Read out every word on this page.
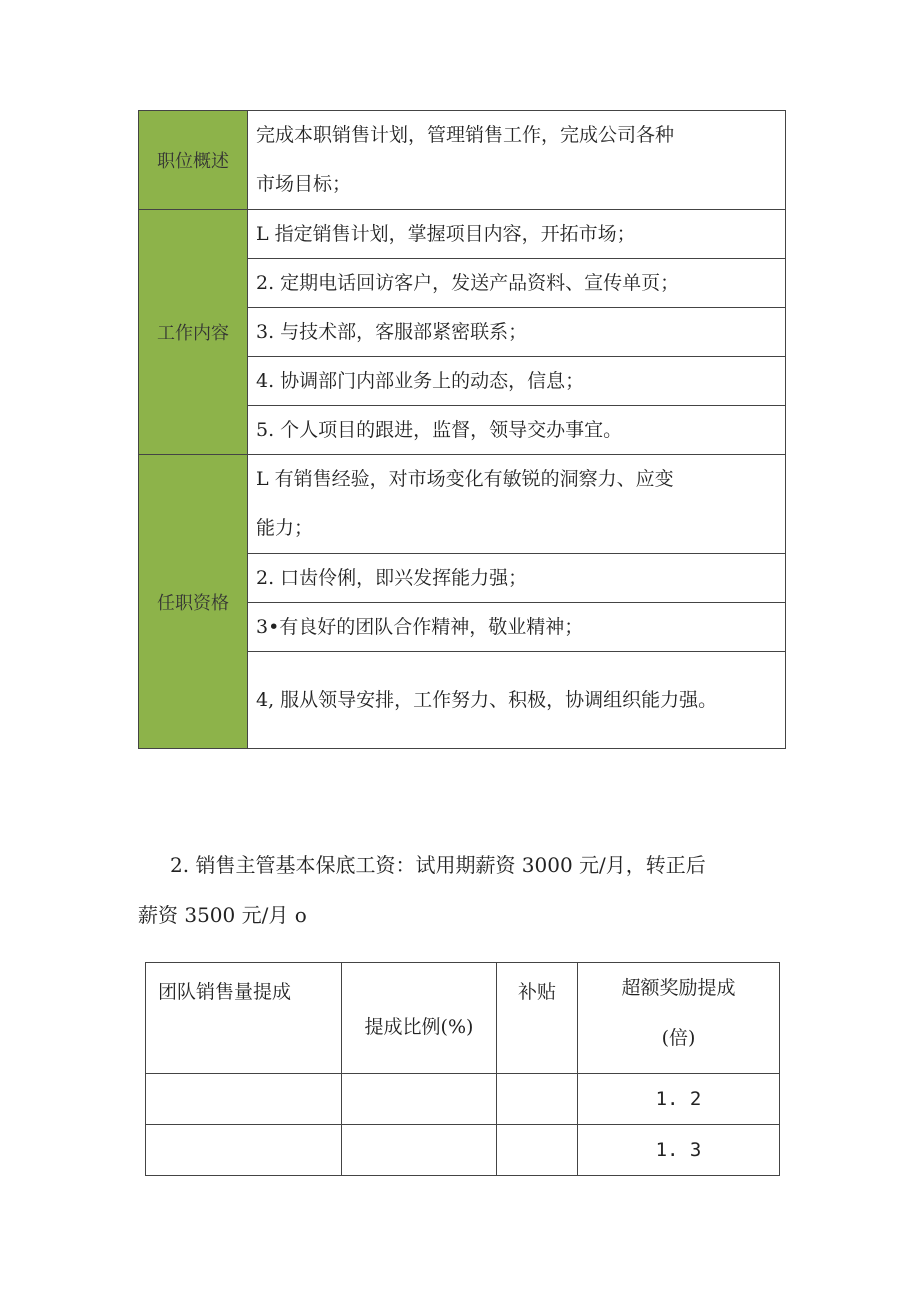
职位概述	完成本职销售计划，管理销售工作，完成公司各种
市场目标；

工作内容	L 指定销售计划，掌握项目内容，开拓市场；
	2. 定期电话回访客户，发送产品资料、宣传单页；
	3. 与技术部，客服部紧密联系；
	4. 协调部门内部业务上的动态，信息；
	5. 个人项目的跟进，监督，领导交办事宜。
任职资格	L 有销售经验，对市场变化有敏锐的洞察力、应变
能力；

	2. 口齿伶俐，即兴发挥能力强；
	3•有良好的团队合作精神，敬业精神；
	4, 服从领导安排，工作努力、积极，协调组织能力强。
2. 销售主管基本保底工资：试用期薪资 3000 元/月，转正后
薪资 3500 元/月 o
团队销售量提成	提成比例(%)	补贴	超额奖励提成
(倍)

			1. 2
			1. 3
